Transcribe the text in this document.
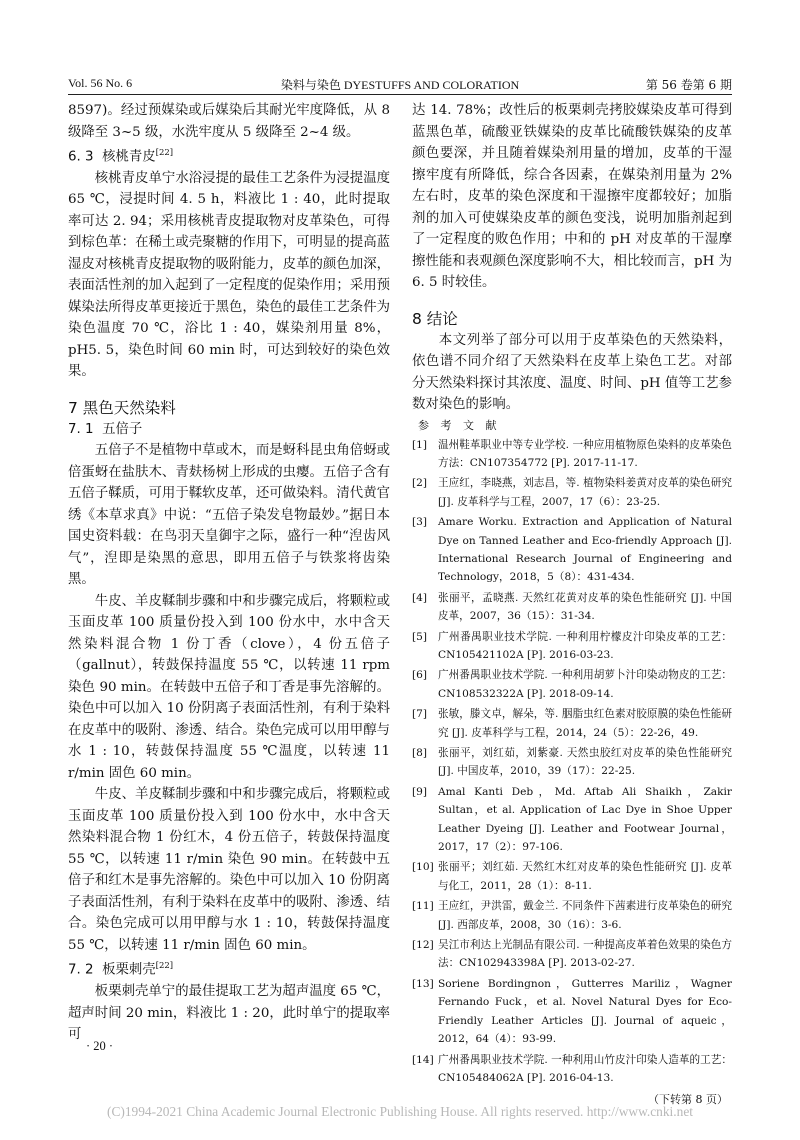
Vol. 56 No. 6	染料与染色 DYESTUFFS AND COLORATION	第 56 卷第 6 期

8597)。经过预媒染或后媒染后其耐光牢度降低，从 8 级降至 3~5 级，水洗牢度从 5 级降至 2~4 级。

6. 3 核桃青皮[22]

核桃青皮单宁水浴浸提的最佳工艺条件为浸提温度 65 ℃，浸提时间 4. 5 h，料液比 1 : 40，此时提取率可达 2. 94；采用核桃青皮提取物对皮革染色，可得到棕色革：在稀土或壳聚糖的作用下，可明显的提高蓝湿皮对核桃青皮提取物的吸附能力，皮革的颜色加深，表面活性剂的加入起到了一定程度的促染作用；采用预媒染法所得皮革更接近于黑色，染色的最佳工艺条件为染色温度 70 ℃，浴比 1 : 40，媒染剂用量 8%，pH5. 5，染色时间 60 min 时，可达到较好的染色效果。

7 黑色天然染料
7. 1 五倍子

五倍子不是植物中草或木，而是蚜科昆虫角倍蚜或倍蛋蚜在盐肤木、青麸杨树上形成的虫瘿。五倍子含有五倍子鞣质，可用于鞣软皮革，还可做染料。清代黄官绣《本草求真》中说：“五倍子染发皂物最妙。”据日本国史资料载：在鸟羽天皇御宇之际，盛行一种“湼齿风气”，湼即是染黑的意思，即用五倍子与铁浆将齿染黑。

牛皮、羊皮鞣制步骤和中和步骤完成后，将颗粒或玉面皮革 100 质量份投入到 100 份水中，水中含天然染料混合物 1 份丁香（clove），4 份五倍子（gallnut），转鼓保持温度 55 ℃，以转速 11 rpm 染色 90 min。在转鼓中五倍子和丁香是事先溶解的。染色中可以加入 10 份阴离子表面活性剂，有利于染料在皮革中的吸附、渗透、结合。染色完成可以用甲醇与水 1 : 10，转鼓保持温度 55 ℃温度，以转速 11 r/min 固色 60 min。

牛皮、羊皮鞣制步骤和中和步骤完成后，将颗粒或玉面皮革 100 质量份投入到 100 份水中，水中含天然染料混合物 1 份红木，4 份五倍子，转鼓保持温度 55 ℃，以转速 11 r/min 染色 90 min。在转鼓中五倍子和红木是事先溶解的。染色中可以加入 10 份阴离子表面活性剂，有利于染料在皮革中的吸附、渗透、结合。染色完成可以用甲醇与水 1 : 10，转鼓保持温度 55 ℃，以转速 11 r/min 固色 60 min。

7. 2 板栗刺壳[22]

板栗刺壳单宁的最佳提取工艺为超声温度 65 ℃，超声时间 20 min，料液比 1 : 20，此时单宁的提取率可

达 14. 78%；改性后的板栗刺壳拷胶媒染皮革可得到蓝黑色革，硫酸亚铁媒染的皮革比硫酸铁媒染的皮革颜色要深，并且随着媒染剂用量的增加，皮革的干湿擦牢度有所降低，综合各因素，在媒染剂用量为 2% 左右时，皮革的染色深度和干湿擦牢度都较好；加脂剂的加入可使媒染皮革的颜色变浅，说明加脂剂起到了一定程度的败色作用；中和的 pH 对皮革的干湿摩擦性能和表观颜色深度影响不大，相比较而言，pH 为 6. 5 时较佳。

8 结论

本文列举了部分可以用于皮革染色的天然染料，依色谱不同介绍了天然染料在皮革上染色工艺。对部分天然染料探讨其浓度、温度、时间、pH 值等工艺参数对染色的影响。

参 考 文 献
[1]	温州鞋革职业中等专业学校. 一种应用植物原色染料的皮革染色方法：CN107354772 [P]. 2017-11-17.
[2]	王应红，李晓燕，刘志昌，等. 植物染料姜黄对皮革的染色研究 [J]. 皮革科学与工程，2007，17（6）：23-25.
[3]	Amare Worku. Extraction and Application of Natural Dye on Tanned Leather and Eco-friendly Approach [J]. International Research Journal of Engineering and Technology，2018，5（8）：431-434.
[4]	张丽平，孟晓燕. 天然红花黄对皮革的染色性能研究 [J]. 中国皮革，2007，36（15）：31-34.
[5]	广州番禺职业技术学院. 一种利用柠檬皮汁印染皮革的工艺：CN105421102A [P]. 2016-03-23.
[6]	广州番禺职业技术学院. 一种利用胡萝卜汁印染动物皮的工艺：CN108532322A [P]. 2018-09-14.
[7]	张敏，滕文卓，解朵，等. 胭脂虫红色素对胶原膜的染色性能研究 [J]. 皮革科学与工程，2014，24（5）：22-26，49.
[8]	张丽平，刘红茹，刘紫豪. 天然虫胶红对皮革的染色性能研究 [J]. 中国皮革，2010，39（17）：22-25.
[9]	Amal Kanti Deb，Md. Aftab Ali Shaikh，Zakir Sultan，et al. Application of Lac Dye in Shoe Upper Leather Dyeing [J]. Leather and Footwear Journal，2017，17（2）：97-106.
[10] 张丽平；刘红茹. 天然红木红对皮革的染色性能研究 [J]. 皮革与化工，2011，28（1）：8-11.
[11] 王应红，尹洪雷，戴金兰. 不同条件下茜素进行皮革染色的研究 [J]. 西部皮革，2008，30（16）：3-6.
[12] 吴江市利达上光制品有限公司. 一种提高皮革着色效果的染色方法：CN102943398A [P]. 2013-02-27.
[13] Soriene Bordingnon，Gutterres Mariliz，Wagner Fernando Fuck，et al. Novel Natural Dyes for Eco-Friendly Leather Articles [J]. Journal of aqueic，2012，64（4）：93-99.
[14] 广州番禺职业技术学院. 一种利用山竹皮汁印染人造革的工艺：CN105484062A [P]. 2016-04-13.
（下转第 8 页）
· 20 ·
(C)1994-2021 China Academic Journal Electronic Publishing House. All rights reserved. http://www.cnki.net
